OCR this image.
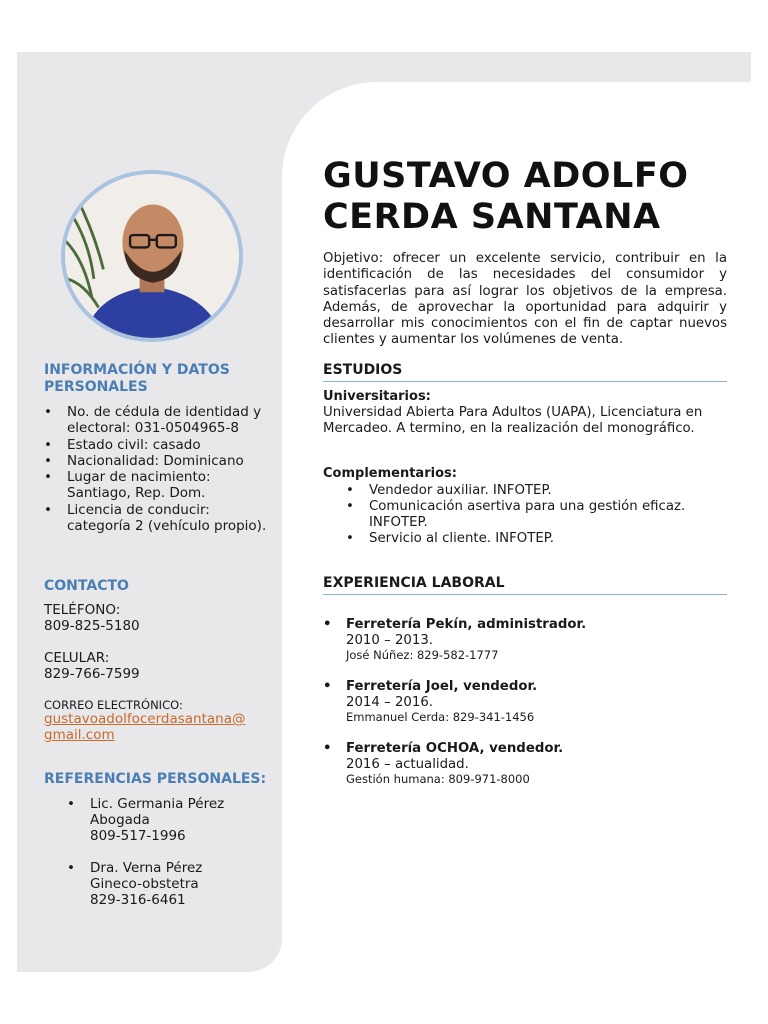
INFORMACIÓN Y DATOS PERSONALES
• No. de cédula de identidad y electoral: 031-0504965-8
• Estado civil: casado
• Nacionalidad: Dominicano
• Lugar de nacimiento: Santiago, Rep. Dom.
• Licencia de conducir: categoría 2 (vehículo propio).
CONTACTO
TELÉFONO:
809-825-5180
CELULAR:
829-766-7599
CORREO ELECTRÓNICO:
gustavoadolfocerdasantana@
gmail.com
REFERENCIAS PERSONALES:
• Lic. Germania Pérez
Abogada
809-517-1996
• Dra. Verna Pérez
Gineco-obstetra
829-316-6461
GUSTAVO ADOLFO
CERDA SANTANA
Objetivo: ofrecer un excelente servicio, contribuir en la identificación de las necesidades del consumidor y satisfacerlas para así lograr los objetivos de la empresa. Además, de aprovechar la oportunidad para adquirir y desarrollar mis conocimientos con el fin de captar nuevos clientes y aumentar los volúmenes de venta.
ESTUDIOS
Universitarios:
Universidad Abierta Para Adultos (UAPA), Licenciatura en Mercadeo. A termino, en la realización del monográfico.
Complementarios:
• Vendedor auxiliar. INFOTEP.
• Comunicación asertiva para una gestión eficaz. INFOTEP.
• Servicio al cliente. INFOTEP.
EXPERIENCIA LABORAL
• Ferretería Pekín, administrador.
2010 – 2013.
José Núñez: 829-582-1777
• Ferretería Joel, vendedor.
2014 – 2016.
Emmanuel Cerda: 829-341-1456
• Ferretería OCHOA, vendedor.
2016 – actualidad.
Gestión humana: 809-971-8000
